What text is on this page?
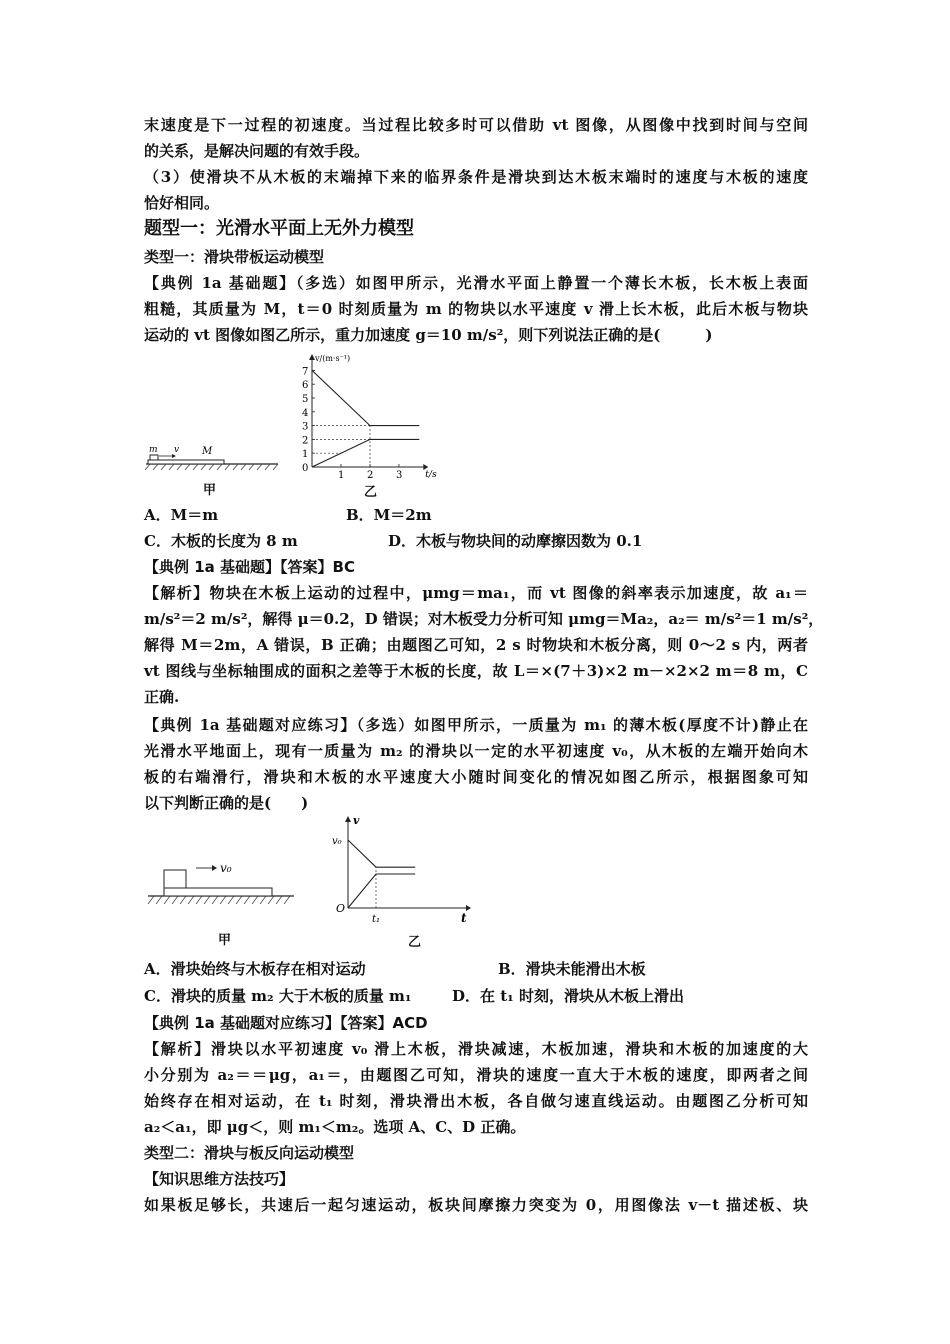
末速度是下一过程的初速度。当过程比较多时可以借助 vt 图像，从图像中找到时间与空间
的关系，是解决问题的有效手段。
（3）使滑块不从木板的末端掉下来的临界条件是滑块到达木板末端时的速度与木板的速度
恰好相同。
题型一：光滑水平面上无外力模型
类型一：滑块带板运动模型
【典例 1a 基础题】（多选）如图甲所示，光滑水平面上静置一个薄长木板，长木板上表面
粗糙，其质量为 M，t＝0 时刻质量为 m 的物块以水平速度 v 滑上长木板，此后木板与物块
运动的 vt 图像如图乙所示，重力加速度 g＝10 m/s²，则下列说法正确的是(　　　)
m v M
甲
t/s
v/(m·s⁻¹)
0
1
2
3
4
5
6
7
1 2 3
乙
A．M＝m	B．M＝2m
C．木板的长度为 8 m	D．木板与物块间的动摩擦因数为 0.1
【典例 1a 基础题】【答案】BC
【解析】物块在木板上运动的过程中，μmg＝ma₁，而 vt 图像的斜率表示加速度，故 a₁＝
m/s²＝2 m/s²，解得 μ＝0.2，D 错误；对木板受力分析可知 μmg＝Ma₂，a₂＝ m/s²＝1 m/s²，
解得 M＝2m，A 错误，B 正确；由题图乙可知，2 s 时物块和木板分离，则 0～2 s 内，两者
vt 图线与坐标轴围成的面积之差等于木板的长度，故 L＝×(7＋3)×2 m－×2×2 m＝8 m，C
正确.
【典例 1a 基础题对应练习】（多选）如图甲所示，一质量为 m₁ 的薄木板(厚度不计)静止在
光滑水平地面上，现有一质量为 m₂ 的滑块以一定的水平初速度 v₀，从木板的左端开始向木
板的右端滑行，滑块和木板的水平速度大小随时间变化的情况如图乙所示，根据图象可知
以下判断正确的是(　　)
v₀
甲
t
v
O
v₀
t₁
乙
A．滑块始终与木板存在相对运动	B．滑块未能滑出木板
C．滑块的质量 m₂ 大于木板的质量 m₁	D．在 t₁ 时刻，滑块从木板上滑出
【典例 1a 基础题对应练习】【答案】ACD
【解析】滑块以水平初速度 v₀ 滑上木板，滑块减速，木板加速，滑块和木板的加速度的大
小分别为 a₂＝＝μg，a₁＝，由题图乙可知，滑块的速度一直大于木板的速度，即两者之间
始终存在相对运动，在 t₁ 时刻，滑块滑出木板，各自做匀速直线运动。由题图乙分析可知
a₂＜a₁，即 μg＜，则 m₁＜m₂。选项 A、C、D 正确。
类型二：滑块与板反向运动模型
【知识思维方法技巧】
如果板足够长，共速后一起匀速运动，板块间摩擦力突变为 0，用图像法 v－t 描述板、块
